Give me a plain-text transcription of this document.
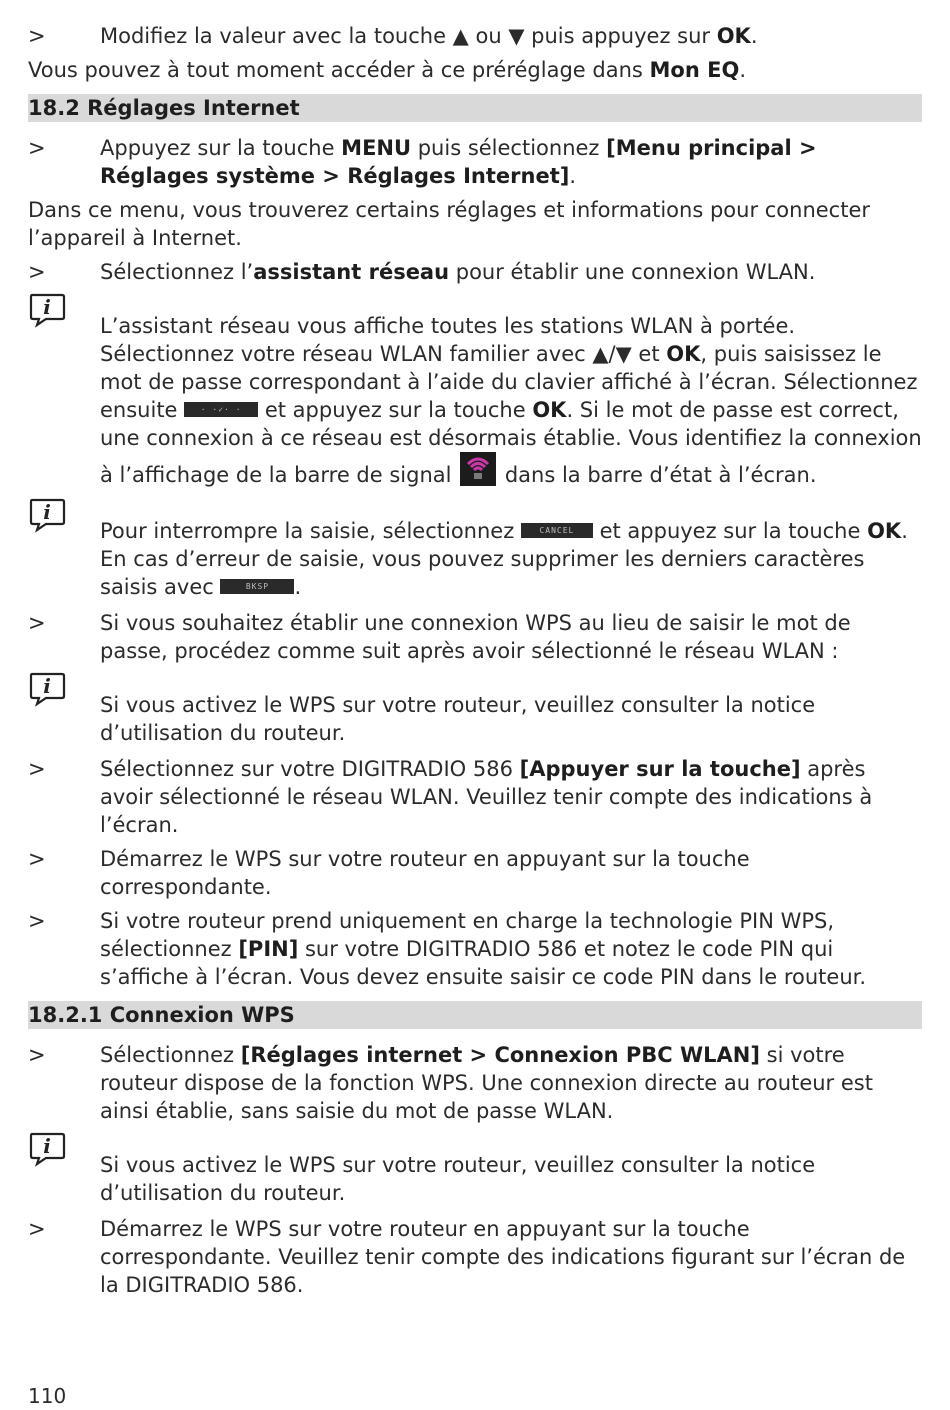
>	Modifiez la valeur avec la touche ▲ ou ▼ puis appuyez sur OK.
Vous pouvez à tout moment accéder à ce préréglage dans Mon EQ.
18.2 Réglages Internet
>	Appuyez sur la touche MENU puis sélectionnez [Menu principal > Réglages système > Réglages Internet].
Dans ce menu, vous trouverez certains réglages et informations pour connecter l’appareil à Internet.
>	Sélectionnez l’assistant réseau pour établir une connexion WLAN.
i
L’assistant réseau vous affiche toutes les stations WLAN à portée. Sélectionnez votre réseau WLAN familier avec ▲/▼ et OK, puis saisissez le mot de passe correspondant à l’aide du clavier affiché à l’écran. Sélectionnez ensuite · ·✓· · et appuyez sur la touche OK. Si le mot de passe est correct, une connexion à ce réseau est désormais établie. Vous identifiez la connexion à l’affichage de la barre de signal
dans la barre d’état à l’écran.
i
Pour interrompre la saisie, sélectionnez CANCEL et appuyez sur la touche OK. En cas d’erreur de saisie, vous pouvez supprimer les derniers caractères saisis avec	BKSP .
>	Si vous souhaitez établir une connexion WPS au lieu de saisir le mot de passe, procédez comme suit après avoir sélectionné le réseau WLAN :
i
Si vous activez le WPS sur votre routeur, veuillez consulter la notice d’utilisation du routeur.
>	Sélectionnez sur votre DIGITRADIO 586 [Appuyer sur la touche] après avoir sélectionné le réseau WLAN. Veuillez tenir compte des indications à l’écran.
>	Démarrez le WPS sur votre routeur en appuyant sur la touche correspondante.
>	Si votre routeur prend uniquement en charge la technologie PIN WPS, sélectionnez [PIN] sur votre DIGITRADIO 586 et notez le code PIN qui s’affiche à l’écran. Vous devez ensuite saisir ce code PIN dans le routeur.
18.2.1 Connexion WPS
>	Sélectionnez [Réglages internet > Connexion PBC WLAN] si votre routeur dispose de la fonction WPS. Une connexion directe au routeur est ainsi établie, sans saisie du mot de passe WLAN.
i
Si vous activez le WPS sur votre routeur, veuillez consulter la notice d’utilisation du routeur.
>	Démarrez le WPS sur votre routeur en appuyant sur la touche correspondante. Veuillez tenir compte des indications figurant sur l’écran de la DIGITRADIO 586.
110
